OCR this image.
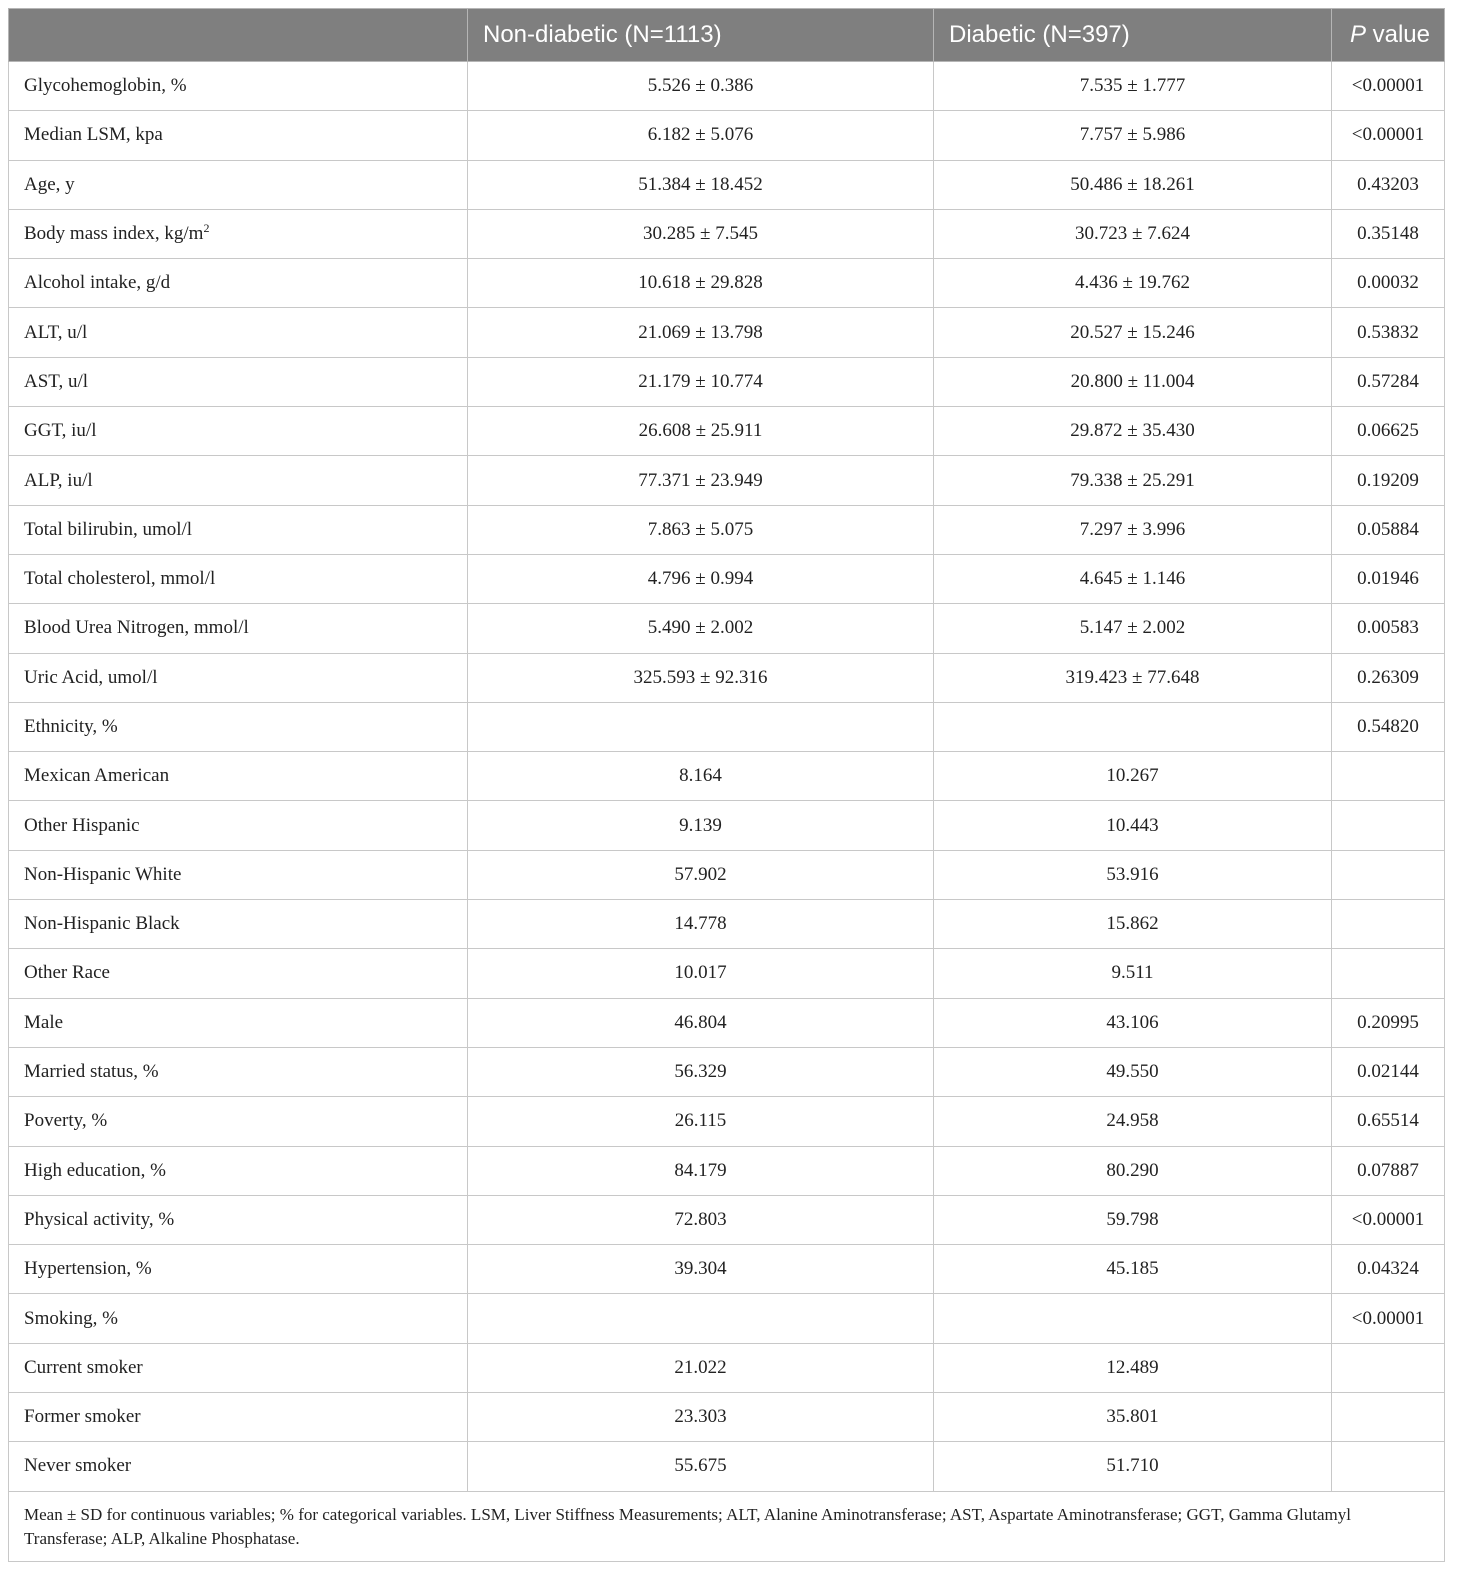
	Non-diabetic (N=1113)	Diabetic (N=397)	P value
Glycohemoglobin, %	5.526 ± 0.386	7.535 ± 1.777	<0.00001
Median LSM, kpa	6.182 ± 5.076	7.757 ± 5.986	<0.00001
Age, y	51.384 ± 18.452	50.486 ± 18.261	0.43203
Body mass index, $kg/m^2$	30.285 ± 7.545	30.723 ± 7.624	0.35148
Alcohol intake, g/d	10.618 ± 29.828	4.436 ± 19.762	0.00032
ALT, u/l	21.069 ± 13.798	20.527 ± 15.246	0.53832
AST, u/l	21.179 ± 10.774	20.800 ± 11.004	0.57284
GGT, iu/l	26.608 ± 25.911	29.872 ± 35.430	0.06625
ALP, iu/l	77.371 ± 23.949	79.338 ± 25.291	0.19209
Total bilirubin, umol/l	7.863 ± 5.075	7.297 ± 3.996	0.05884
Total cholesterol, mmol/l	4.796 ± 0.994	4.645 ± 1.146	0.01946
Blood Urea Nitrogen, mmol/l	5.490 ± 2.002	5.147 ± 2.002	0.00583
Uric Acid, umol/l	325.593 ± 92.316	319.423 ± 77.648	0.26309
Ethnicity, %			0.54820
Mexican American	8.164	10.267	
Other Hispanic	9.139	10.443	
Non-Hispanic White	57.902	53.916	
Non-Hispanic Black	14.778	15.862	
Other Race	10.017	9.511	
Male	46.804	43.106	0.20995
Married status, %	56.329	49.550	0.02144
Poverty, %	26.115	24.958	0.65514
High education, %	84.179	80.290	0.07887
Physical activity, %	72.803	59.798	<0.00001
Hypertension, %	39.304	45.185	0.04324
Smoking, %			<0.00001
Current smoker	21.022	12.489	
Former smoker	23.303	35.801	
Never smoker	55.675	51.710	
Mean ± SD for continuous variables; % for categorical variables. LSM, Liver Stiffness Measurements; ALT, Alanine Aminotransferase; AST, Aspartate Aminotransferase; GGT, Gamma Glutamyl Transferase; ALP, Alkaline Phosphatase.			
